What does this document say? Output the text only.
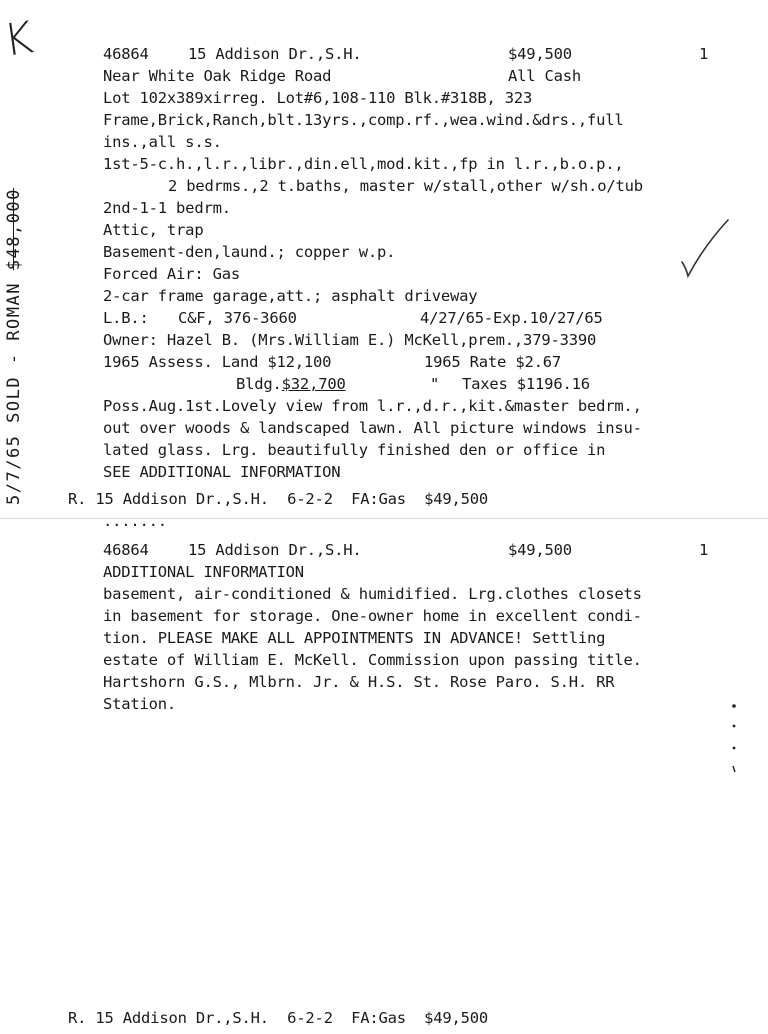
K
5/7/65 SOLD - ROMAN $48,000
46864	15 Addison Dr.,S.H.	$49,500	1
Near White Oak Ridge Road	All Cash
Lot 102x389xirreg. Lot#6,108-110 Blk.#318B, 323
Frame,Brick,Ranch,blt.13yrs.,comp.rf.,wea.wind.&drs.,full
ins.,all s.s.
1st-5-c.h.,l.r.,libr.,din.ell,mod.kit.,fp in l.r.,b.o.p.,
2 bedrms.,2 t.baths, master w/stall,other w/sh.o/tub
2nd-1-1 bedrm.
Attic, trap
Basement-den,laund.; copper w.p.
Forced Air: Gas
2-car frame garage,att.; asphalt driveway
L.B.: C&F, 376-3660	4/27/65-Exp.10/27/65
Owner: Hazel B. (Mrs.William E.) McKell,prem.,379-3390
1965 Assess. Land $12,100	1965 Rate $2.67
Bldg.$32,700	" Taxes $1196.16
Poss.Aug.1st.Lovely view from l.r.,d.r.,kit.&master bedrm.,
out over woods & landscaped lawn. All picture windows insu-
lated glass. Lrg. beautifully finished den or office in
SEE ADDITIONAL INFORMATION
R. 15 Addison Dr.,S.H.  6-2-2  FA:Gas  $49,500
.......
46864	15 Addison Dr.,S.H.	$49,500	1
ADDITIONAL INFORMATION
basement, air-conditioned & humidified. Lrg.clothes closets
in basement for storage. One-owner home in excellent condi-
tion. PLEASE MAKE ALL APPOINTMENTS IN ADVANCE! Settling
estate of William E. McKell. Commission upon passing title.
Hartshorn G.S., Mlbrn. Jr. & H.S. St. Rose Paro. S.H. RR
Station.
R. 15 Addison Dr.,S.H.  6-2-2  FA:Gas  $49,500
